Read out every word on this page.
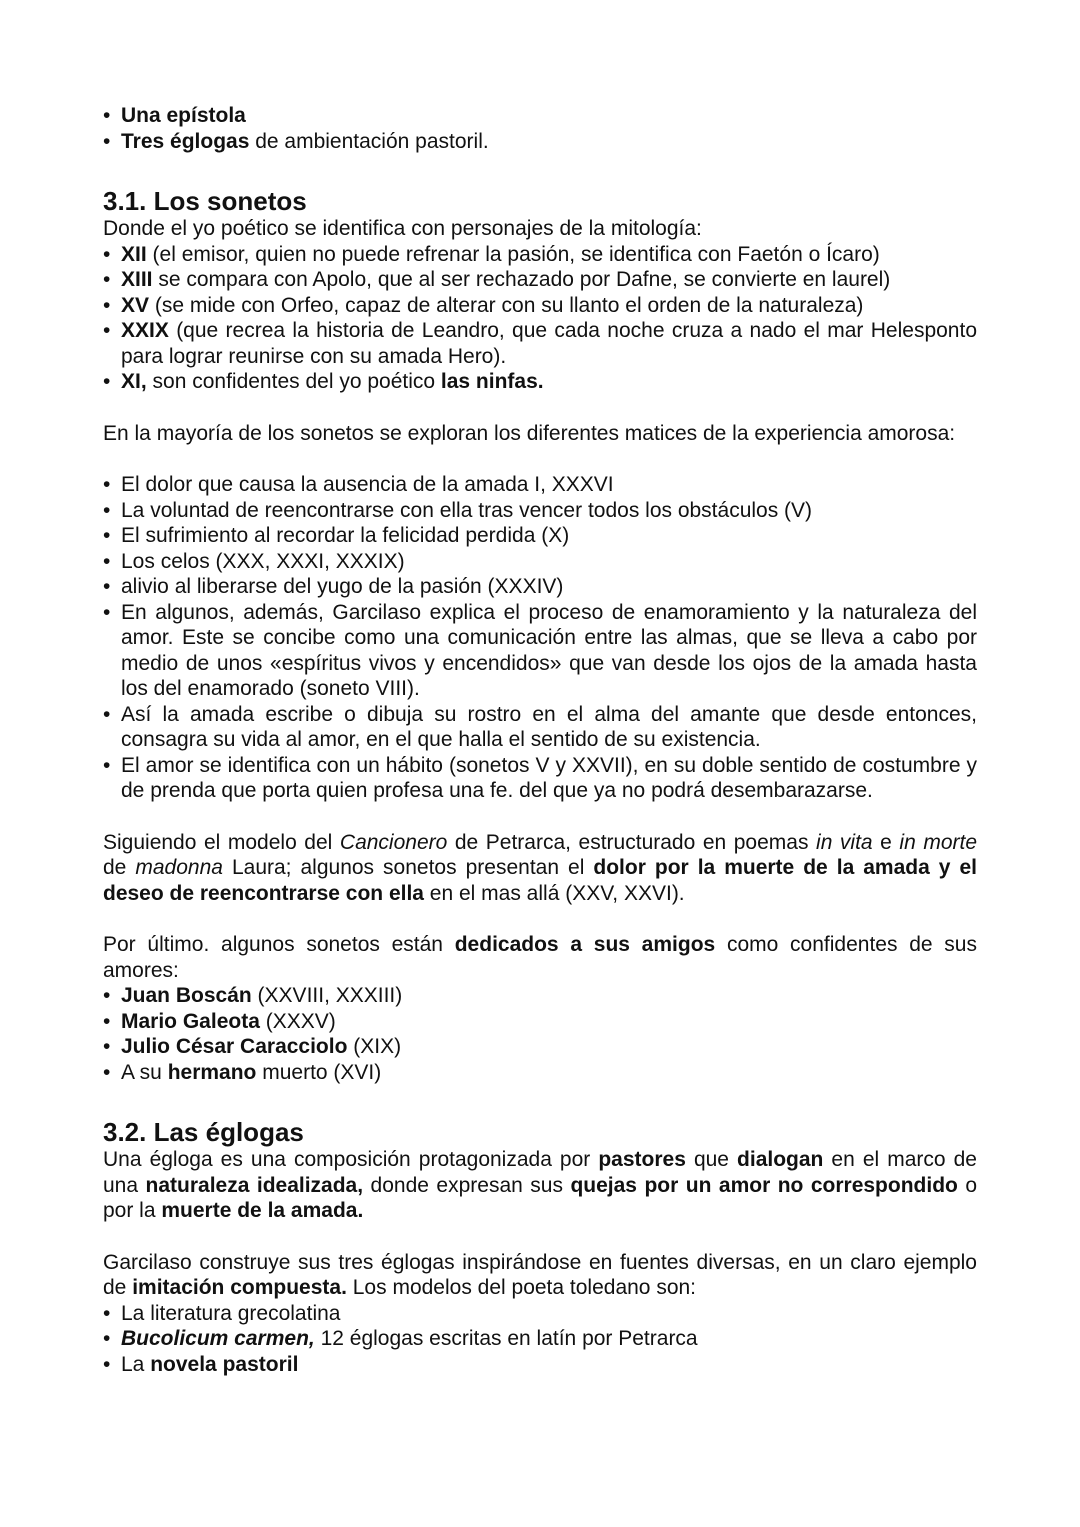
• Una epístola
• Tres églogas de ambientación pastoril.
3.1. Los sonetos

Donde el yo poético se identifica con personajes de la mitología:

• XII (el emisor, quien no puede refrenar la pasión, se identifica con Faetón o Ícaro)
• XIII se compara con Apolo, que al ser rechazado por Dafne, se convierte en laurel)
• XV (se mide con Orfeo, capaz de alterar con su llanto el orden de la naturaleza)
• XXIX (que recrea la historia de Leandro, que cada noche cruza a nado el mar Helesponto para lograr reunirse con su amada Hero).
• XI, son confidentes del yo poético las ninfas.

En la mayoría de los sonetos se exploran los diferentes matices de la experiencia amorosa:

• El dolor que causa la ausencia de la amada I, XXXVI
• La voluntad de reencontrarse con ella tras vencer todos los obstáculos (V)
• El sufrimiento al recordar la felicidad perdida (X)
• Los celos (XXX, XXXI, XXXIX)
• alivio al liberarse del yugo de la pasión (XXXIV)
• En algunos, además, Garcilaso explica el proceso de enamoramiento y la naturaleza del amor. Este se concibe como una comunicación entre las almas, que se lleva a cabo por medio de unos «espíritus vivos y encendidos» que van desde los ojos de la amada hasta los del enamorado (soneto VIII).
• Así la amada escribe o dibuja su rostro en el alma del amante que desde entonces, consagra su vida al amor, en el que halla el sentido de su existencia.
• El amor se identifica con un hábito (sonetos V y XXVII), en su doble sentido de costumbre y de prenda que porta quien profesa una fe. del que ya no podrá desembarazarse.

Siguiendo el modelo del Cancionero de Petrarca, estructurado en poemas in vita e in morte de madonna Laura; algunos sonetos presentan el dolor por la muerte de la amada y el deseo de reencontrarse con ella en el mas allá (XXV, XXVI).

Por último. algunos sonetos están dedicados a sus amigos como confidentes de sus amores:

• Juan Boscán (XXVIII, XXXIII)
• Mario Galeota (XXXV)
• Julio César Caracciolo (XIX)
• A su hermano muerto (XVI)
3.2. Las églogas

Una égloga es una composición protagonizada por pastores que dialogan en el marco de una naturaleza idealizada, donde expresan sus quejas por un amor no correspondido o por la muerte de la amada.

Garcilaso construye sus tres églogas inspirándose en fuentes diversas, en un claro ejemplo de imitación compuesta. Los modelos del poeta toledano son:

• La literatura grecolatina
• Bucolicum carmen, 12 églogas escritas en latín por Petrarca
• La novela pastoril
